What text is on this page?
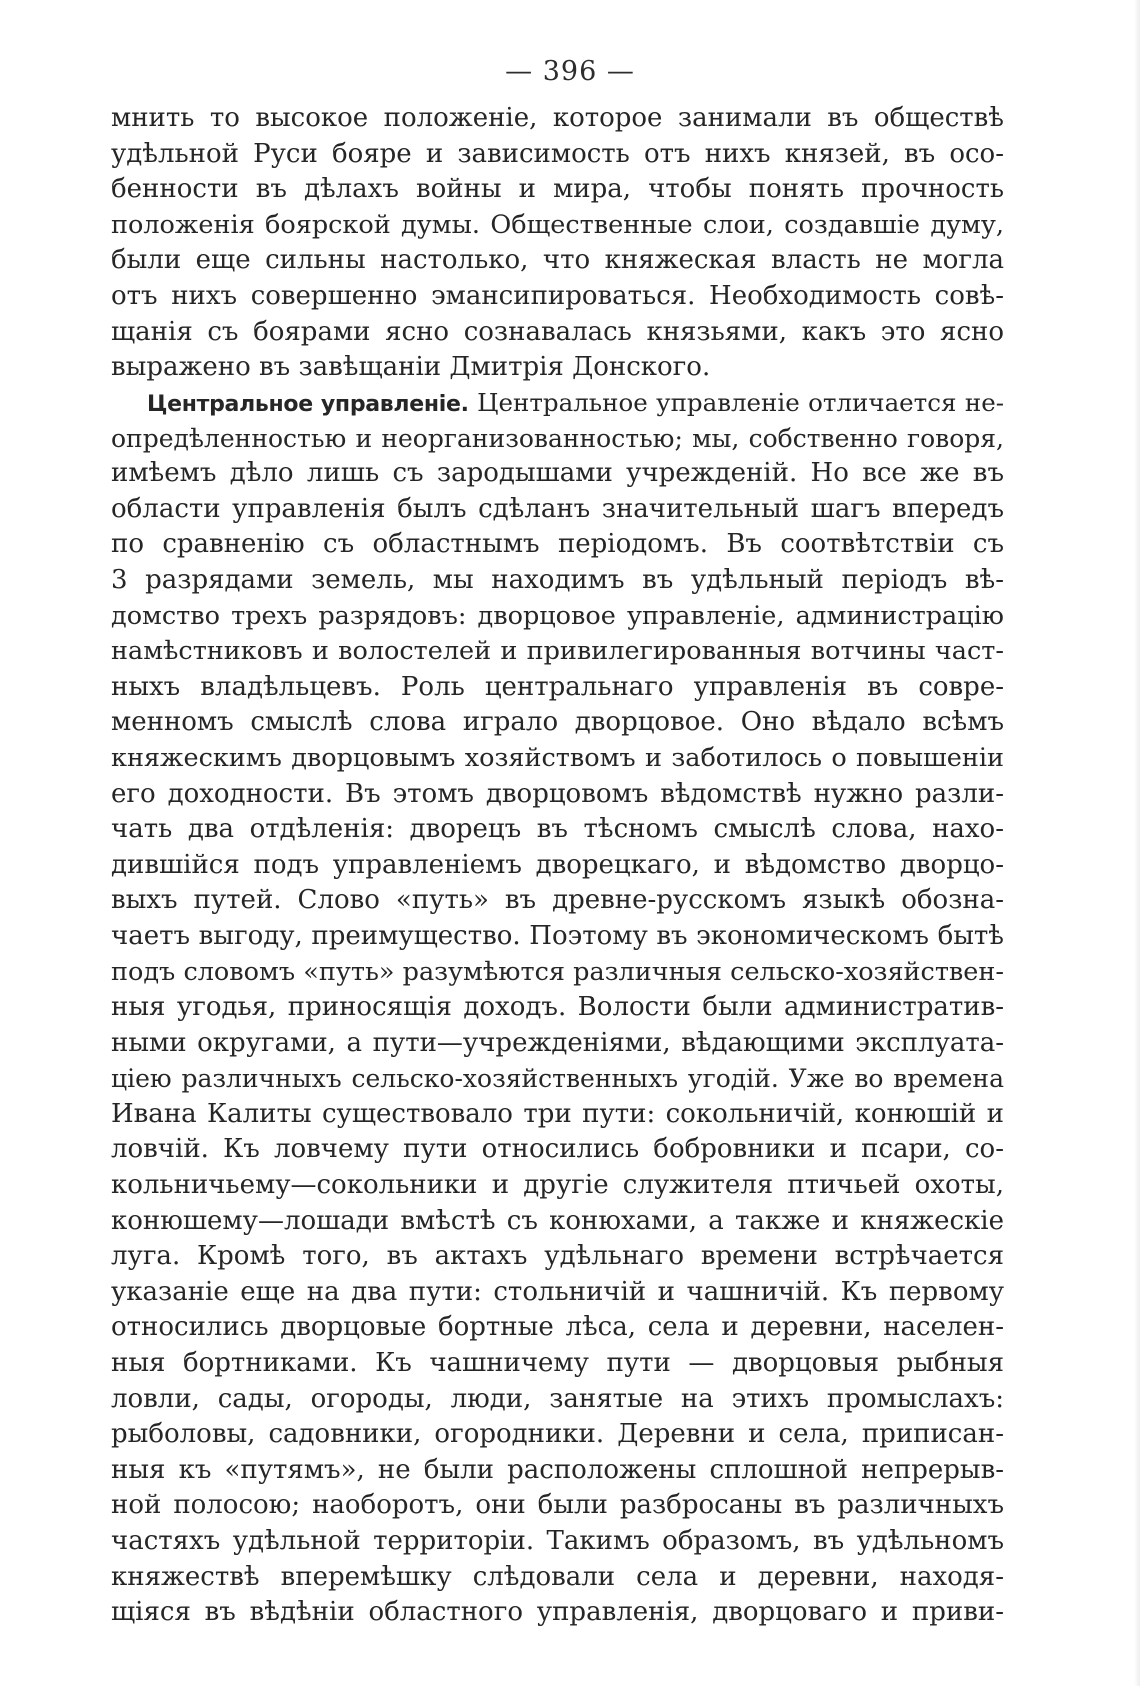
— 396 —
мнить то высокое положеніе, которое занимали въ обществѣ
удѣльной Руси бояре и зависимость отъ нихъ князей, въ осо-
бенности въ дѣлахъ войны и мира, чтобы понять прочность
положенія боярской думы. Общественные слои, создавшіе думу,
были еще сильны настолько, что княжеская власть не могла
отъ нихъ совершенно эмансипироваться. Необходимость совѣ-
щанія съ боярами ясно сознавалась князьями, какъ это ясно
выражено въ завѣщаніи Дмитрія Донского.
Центральное управленіе. Центральное управленіе отличается не-
опредѣленностью и неорганизованностью; мы, собственно говоря,
имѣемъ дѣло лишь съ зародышами учрежденій. Но все же въ
области управленія былъ сдѣланъ значительный шагъ впередъ
по сравненію съ областнымъ періодомъ. Въ соотвѣтствіи съ
3 разрядами земель, мы находимъ въ удѣльный періодъ вѣ-
домство трехъ разрядовъ: дворцовое управленіе, администрацію
намѣстниковъ и волостелей и привилегированныя вотчины част-
ныхъ владѣльцевъ. Роль центральнаго управленія въ совре-
менномъ смыслѣ слова играло дворцовое. Оно вѣдало всѣмъ
княжескимъ дворцовымъ хозяйствомъ и заботилось о повышеніи
его доходности. Въ этомъ дворцовомъ вѣдомствѣ нужно разли-
чать два отдѣленія: дворецъ въ тѣсномъ смыслѣ слова, нахо-
дившійся подъ управленіемъ дворецкаго, и вѣдомство дворцо-
выхъ путей. Слово «путь» въ древне-русскомъ языкѣ обозна-
чаетъ выгоду, преимущество. Поэтому въ экономическомъ бытѣ
подъ словомъ «путь» разумѣются различныя сельско-хозяйствен-
ныя угодья, приносящія доходъ. Волости были административ-
ными округами, а пути—учрежденіями, вѣдающими эксплуата-
ціею различныхъ сельско-хозяйственныхъ угодій. Уже во времена
Ивана Калиты существовало три пути: сокольничій, конюшій и
ловчій. Къ ловчему пути относились бобровники и псари, со-
кольничьему—сокольники и другіе служителя птичьей охоты,
конюшему—лошади вмѣстѣ съ конюхами, а также и княжескіе
луга. Кромѣ того, въ актахъ удѣльнаго времени встрѣчается
указаніе еще на два пути: стольничій и чашничій. Къ первому
относились дворцовые бортные лѣса, села и деревни, населен-
ныя бортниками. Къ чашничему пути — дворцовыя рыбныя
ловли, сады, огороды, люди, занятые на этихъ промыслахъ:
рыболовы, садовники, огородники. Деревни и села, приписан-
ныя къ «путямъ», не были расположены сплошной непрерыв-
ной полосою; наоборотъ, они были разбросаны въ различныхъ
частяхъ удѣльной территоріи. Такимъ образомъ, въ удѣльномъ
княжествѣ вперемѣшку слѣдовали села и деревни, находя-
щіяся въ вѣдѣніи областного управленія, дворцоваго и приви-
